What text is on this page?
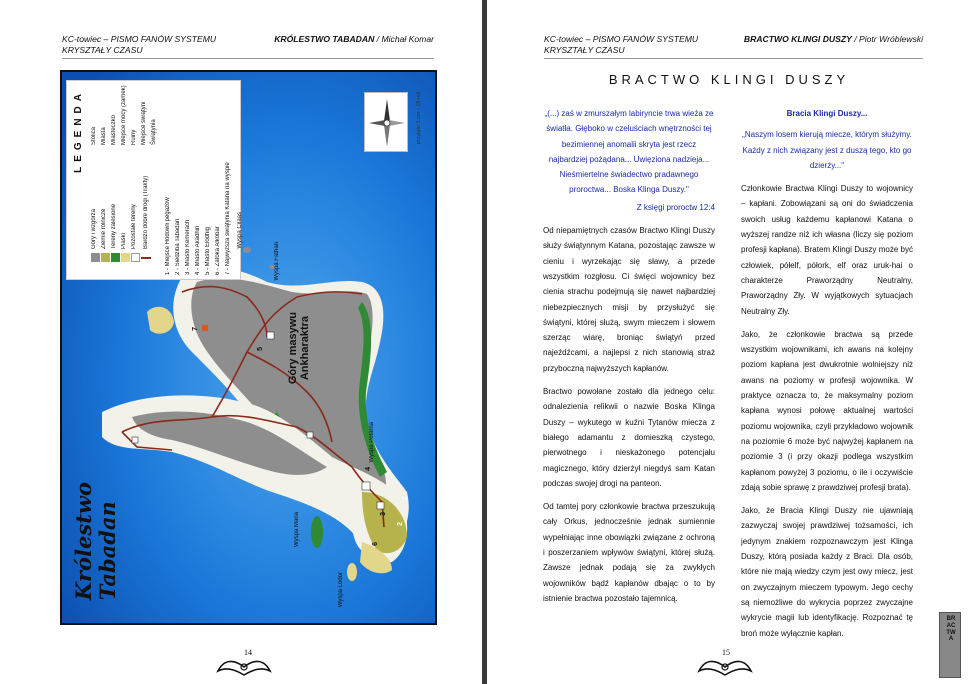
KC-towiec – PISMO FANÓW SYSTEMU KRYSZTAŁY CZASU
KRÓLESTWO TABADAN / Michał Komar
LEGENDA
Góry i wzgórza Ziemie rolnicze Tereny zalesione Piaski Pozostałe tereny Bardzo dobre drogi (Trakty)
Stolica Miasta Miasteczko Miejsce mocy (zamek) Ruiny Miejsce świątyni Świątynia
1 - Miejsce Hodowli pegazów 2 - Siedziba Tabadan 3 - Miasto Kemerach 4 - Miasto Akadhin 5 - Miasto Elodhig 6 - Zatoka Alkobar 7 - Najwyższa świątynia Katana na wyspie
przyjęto 1 cm - 18 mil
Królestwo
Tabadan
Góry masywu
Ankharaktra
Wyspa Cilaas
Wyspa Fathan
Wyspa Mana
Wyspa Lodor
Wyspa Polarna
1
2
3
4
5
6
7
14
KC-towiec – PISMO FANÓW SYSTEMU KRYSZTAŁY CZASU
BRACTWO KLINGI DUSZY / Piotr Wróblewski
BRACTWO KLINGI DUSZY

„(...) zaś w zmurszałym labiryncie trwa wieża ze światła. Głęboko w czeluściach wnętrzności tej bezimiennej anomalii skryta jest rzecz najbardziej pożądana... Uwięziona nadzieja... Nieśmiertelne świadectwo pradawnego proroctwa... Boska Klinga Duszy."

Z księgi proroctw 12:4

Od niepamiętnych czasów Bractwo Klingi Duszy służy świątynnym Katana, pozostając zawsze w cieniu i wyrzekając się sławy, a przede wszystkim rozgłosu. Ci święci wojownicy bez cienia strachu podejmują się nawet najbardziej niebezpiecznych misji by przysłużyć się świątyni, której służą, swym mieczem i słowem szerząc wiarę, broniąc świątyń przed najeźdźcami, a najlepsi z nich stanowią straż przyboczną najwyższych kapłanów.

Bractwo powołane zostało dla jednego celu: odnalezienia relikwii o nazwie Boska Klinga Duszy – wykutego w kuźni Tytanów miecza z białego adamantu z domieszką czystego, pierwotnego i nieskażonego potencjału magicznego, który dzierżył niegdyś sam Katan podczas swojej drogi na panteon.

Od tamtej pory członkowie bractwa przeszukują cały Orkus, jednocześnie jednak sumiennie wypełniając inne obowiązki związane z ochroną i poszerzaniem wpływów świątyni, której służą. Zawsze jednak podają się za zwykłych wojowników bądź kapłanów dbając o to by istnienie bractwa pozostało tajemnicą.

Bracia Klingi Duszy...

„Naszym losem kierują miecze, którym służymy. Każdy z nich związany jest z duszą tego, kto go dzierży..."

Członkowie Bractwa Klingi Duszy to wojownicy – kapłani. Zobowiązani są oni do świadczenia swoich usług każdemu kapłanowi Katana o wyższej randze niż ich własna (liczy się poziom profesji kapłana). Bratem Klingi Duszy może być człowiek, półelf, półork, elf oraz uruk-hai o charakterze Praworządny Neutralny, Praworządny Zły. W wyjątkowych sytuacjach Neutralny Zły.

Jako, że członkowie bractwa są przede wszystkim wojownikami, ich awans na kolejny poziom kapłana jest dwukrotnie wolniejszy niż awans na poziomy w profesji wojownika. W praktyce oznacza to, że maksymalny poziom kapłana wynosi połowę aktualnej wartości poziomu wojownika, czyli przykładowo wojownik na poziomie 6 może być najwyżej kapłanem na poziomie 3 (i przy okazji podlega wszystkim kapłanom powyżej 3 poziomu, o ile i oczywiście zdają sobie sprawę z prawdziwej profesji brata).

Jako, że Bracia Klingi Duszy nie ujawniają zazwyczaj swojej prawdziwej tożsamości, ich jedynym znakiem rozpoznawczym jest Klinga Duszy, którą posiada każdy z Braci. Dla osób, które nie mają wiedzy czym jest owy miecz, jest on zwyczajnym mieczem typowym. Jego cechy są niemożliwe do wykrycia poprzez zwyczajne wykrycie magii lub identyfikację. Rozpoznać tę broń może wyłącznie kapłan.

15
BRACTWA
